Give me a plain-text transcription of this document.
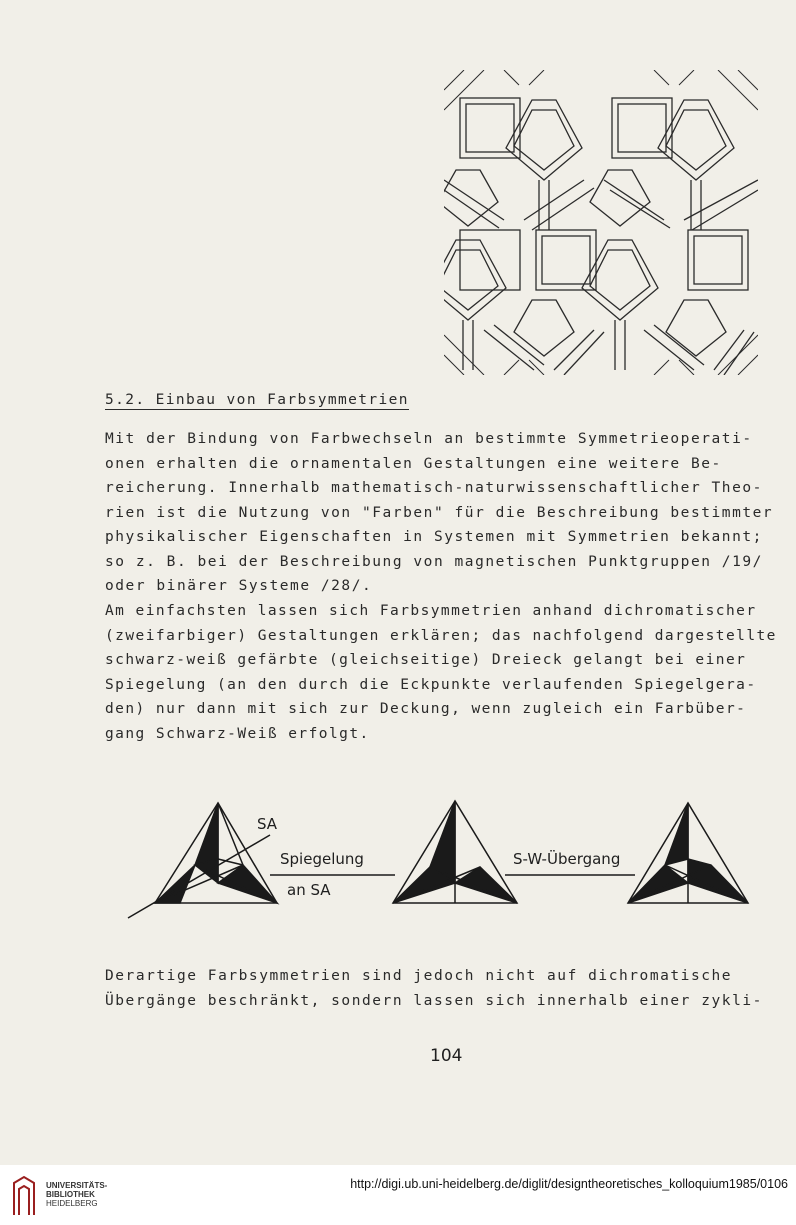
5.2. Einbau von Farbsymmetrien

Mit der Bindung von Farbwechseln an bestimmte Symmetrieoperati-
onen erhalten die ornamentalen Gestaltungen eine weitere Be-
reicherung. Innerhalb mathematisch-naturwissenschaftlicher Theo-
rien ist die Nutzung von "Farben" für die Beschreibung bestimmter
physikalischer Eigenschaften in Systemen mit Symmetrien bekannt;
so z. B. bei der Beschreibung von magnetischen Punktgruppen /19/
oder binärer Systeme /28/.

Am einfachsten lassen sich Farbsymmetrien anhand dichromatischer
(zweifarbiger) Gestaltungen erklären; das nachfolgend dargestellte
schwarz-weiß gefärbte (gleichseitige) Dreieck gelangt bei einer
Spiegelung (an den durch die Eckpunkte verlaufenden Spiegelgera-
den) nur dann mit sich zur Deckung, wenn zugleich ein Farbüber-
gang Schwarz-Weiß erfolgt.

SA
Spiegelung
an SA
S-W-Übergang

Derartige Farbsymmetrien sind jedoch nicht auf dichromatische
Übergänge beschränkt, sondern lassen sich innerhalb einer zykli-

104
UNIVERSITÄTS-
BIBLIOTHEK
HEIDELBERG
http://digi.ub.uni-heidelberg.de/diglit/designtheoretisches_kolloquium1985/0106
